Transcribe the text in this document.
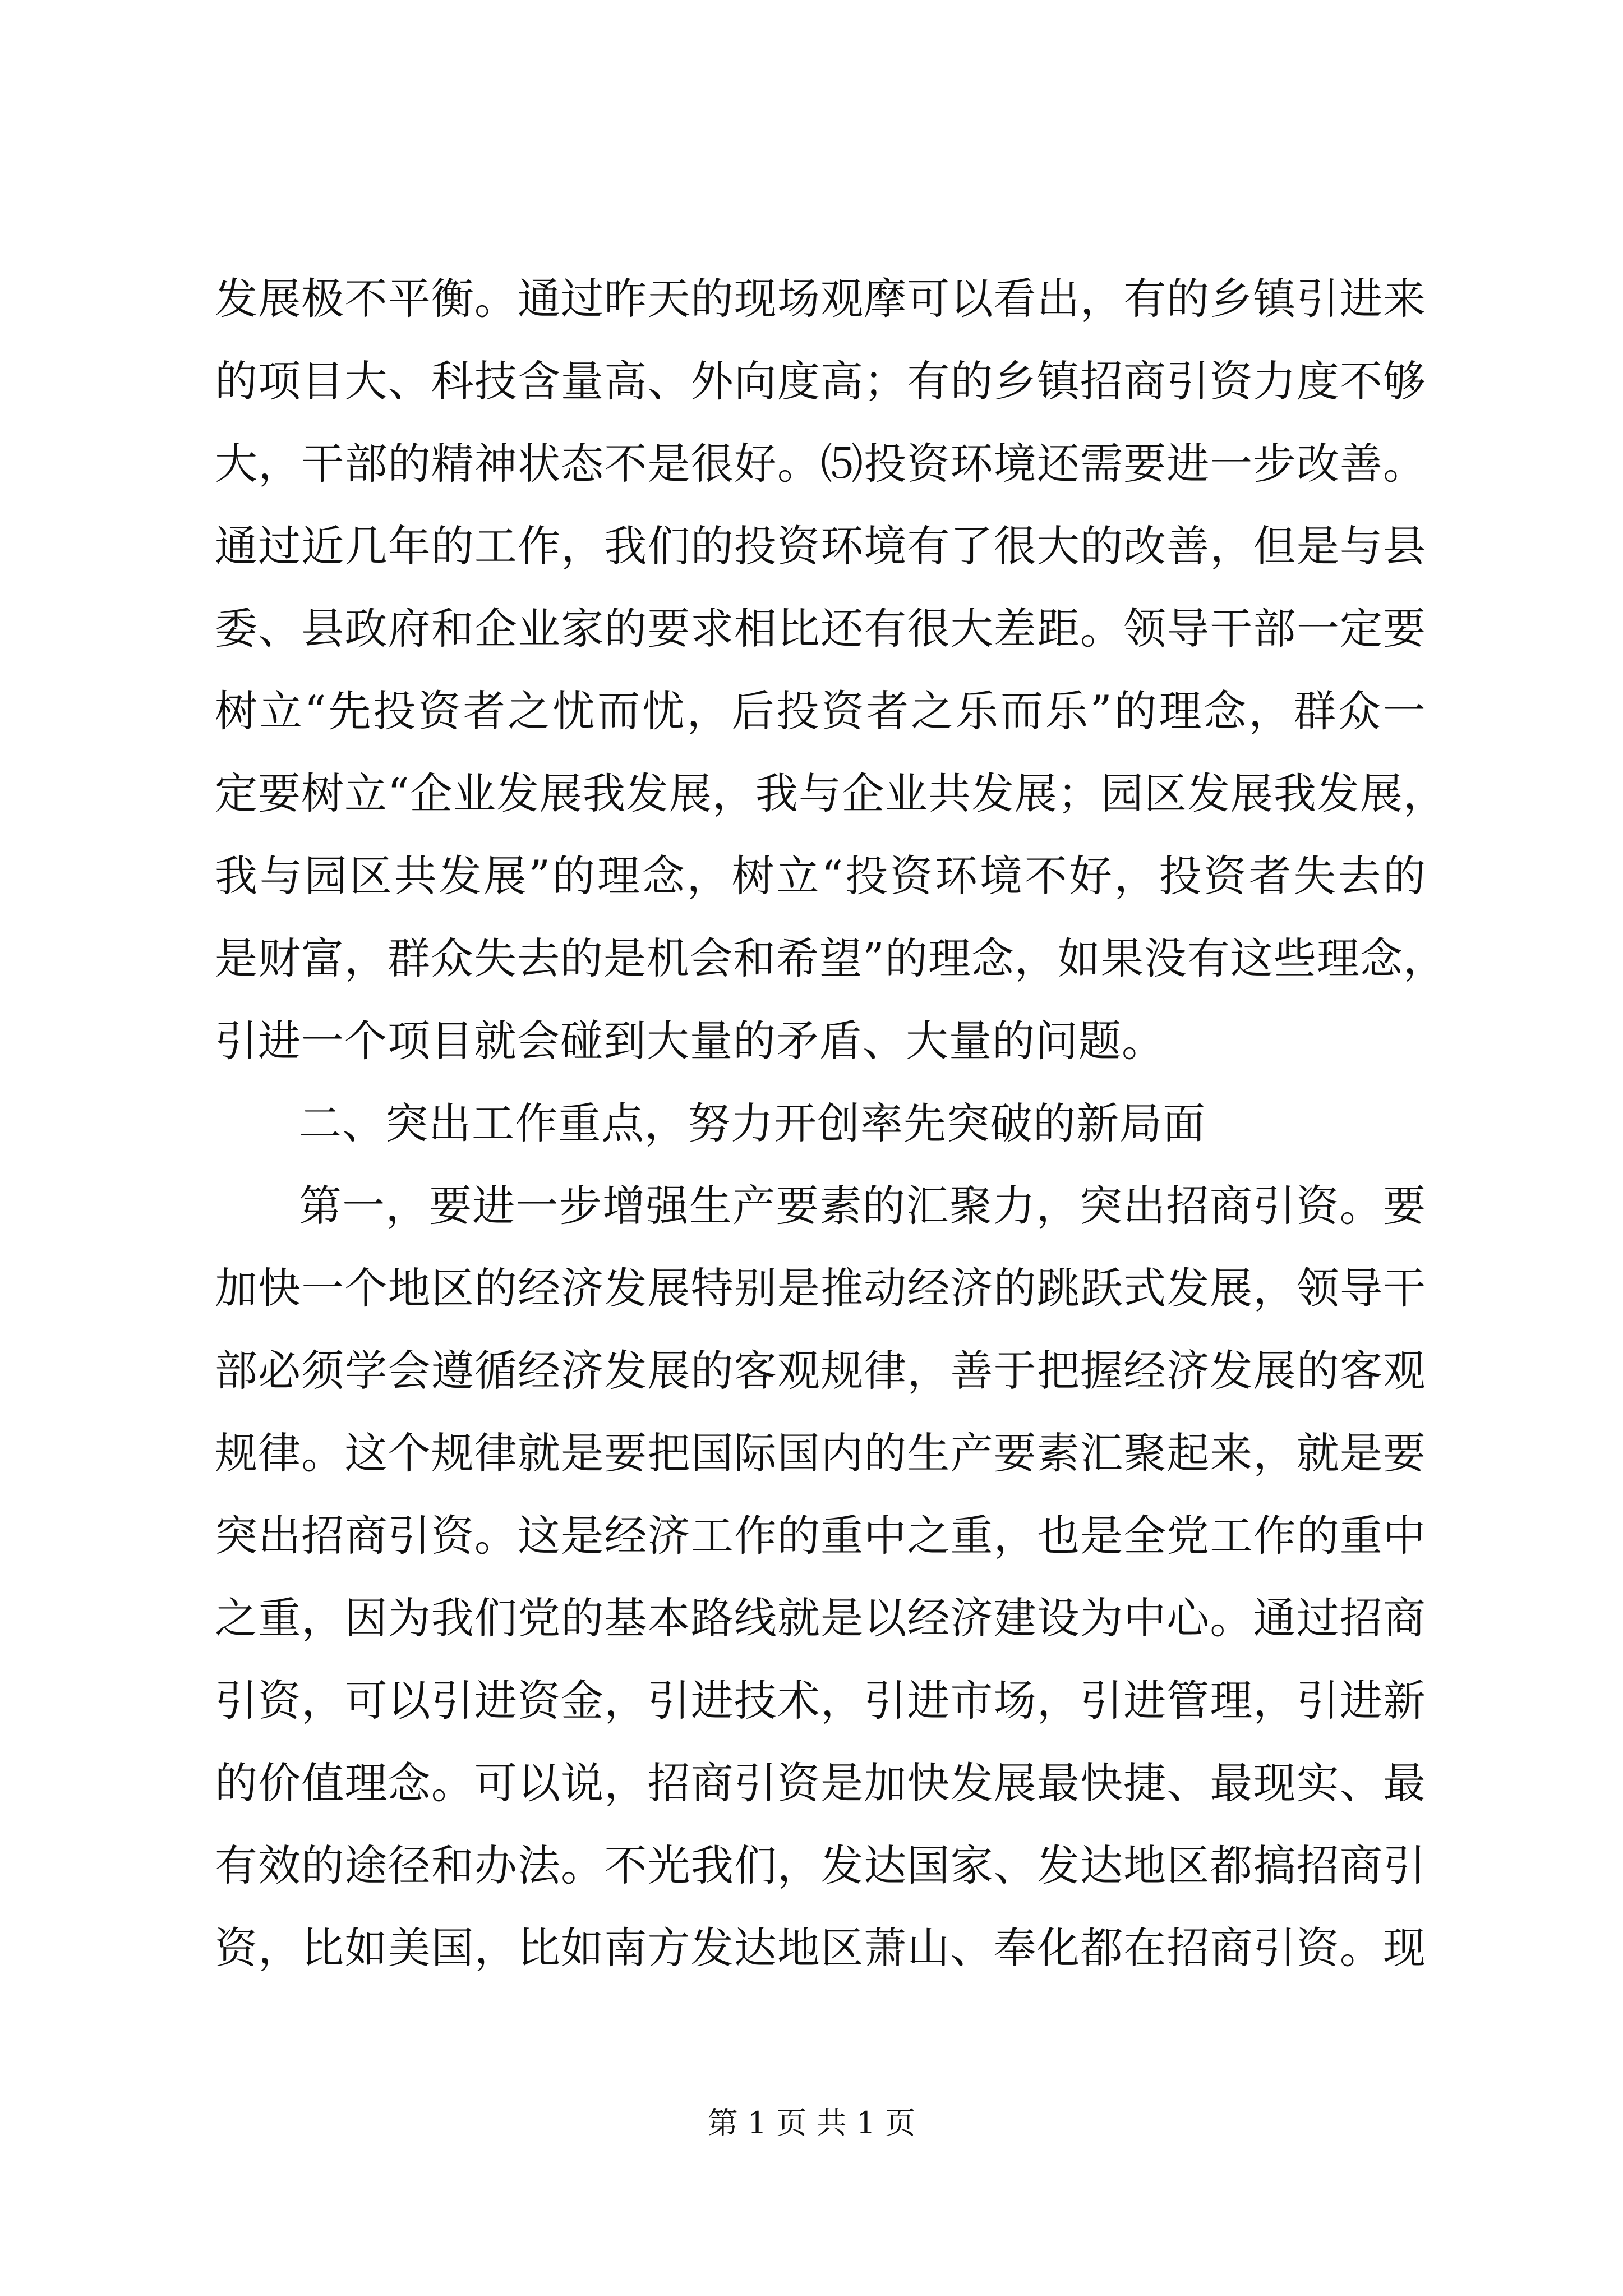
发展极不平衡。通过昨天的现场观摩可以看出，有的乡镇引进来
的项目大、科技含量高、外向度高；有的乡镇招商引资力度不够
大，干部的精神状态不是很好。⑸投资环境还需要进一步改善。
通过近几年的工作，我们的投资环境有了很大的改善，但是与县
委、县政府和企业家的要求相比还有很大差距。领导干部一定要
树立“先投资者之忧而忧，后投资者之乐而乐”的理念，群众一
定要树立“企业发展我发展，我与企业共发展；园区发展我发展，
我与园区共发展”的理念，树立“投资环境不好，投资者失去的
是财富，群众失去的是机会和希望”的理念，如果没有这些理念，
引进一个项目就会碰到大量的矛盾、大量的问题。
二、突出工作重点，努力开创率先突破的新局面
第一，要进一步增强生产要素的汇聚力，突出招商引资。要
加快一个地区的经济发展特别是推动经济的跳跃式发展，领导干
部必须学会遵循经济发展的客观规律，善于把握经济发展的客观
规律。这个规律就是要把国际国内的生产要素汇聚起来，就是要
突出招商引资。这是经济工作的重中之重，也是全党工作的重中
之重，因为我们党的基本路线就是以经济建设为中心。通过招商
引资，可以引进资金，引进技术，引进市场，引进管理，引进新
的价值理念。可以说，招商引资是加快发展最快捷、最现实、最
有效的途径和办法。不光我们，发达国家、发达地区都搞招商引
资，比如美国，比如南方发达地区萧山、奉化都在招商引资。现
第 1 页 共 1 页
